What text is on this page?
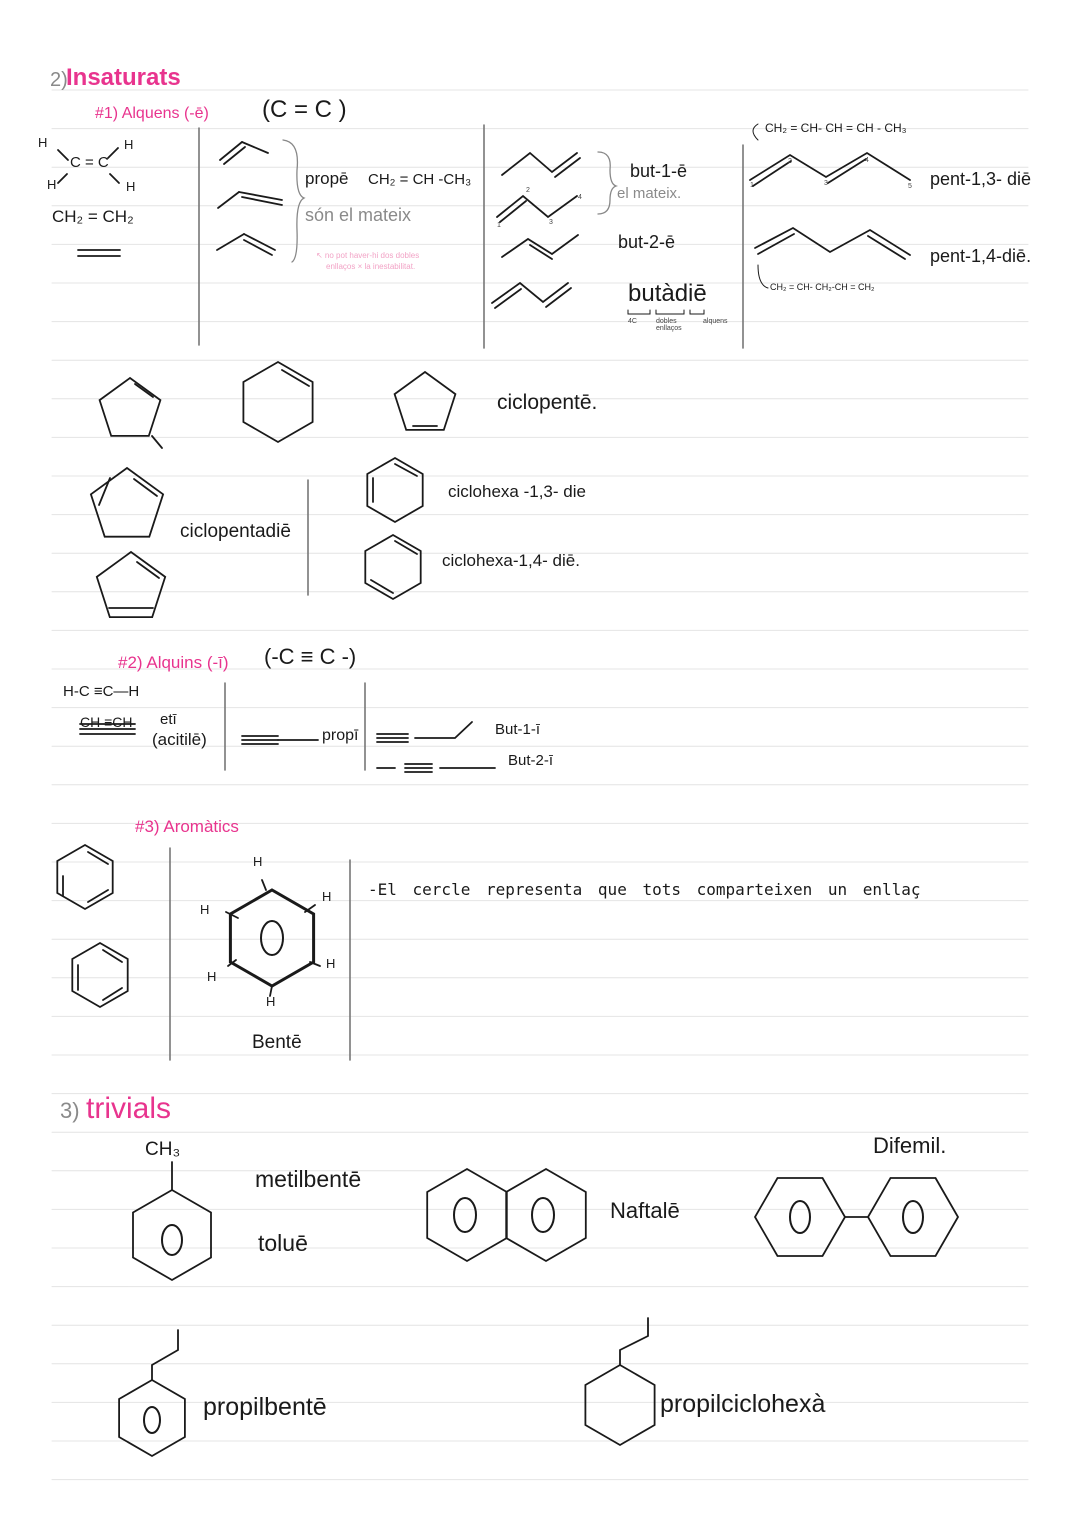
2)
Insaturats
#1) Alquens (-ē) (C = C )
H	H
H	H
C = C
CH₂ = CH₂
propē CH₂ = CH -CH₃
són el mateix
↖ no pot haver-hi dos dobles
enllaços × la inestabilitat.
but-1-ē
el mateix.
but-2-ē
butàdiē
4C	dobles enllaços
alquens
1
2
3
4
CH₂ = CH- CH = CH - CH₃
pent-1,3- diē
pent-1,4-diē.
CH₂ = CH- CH₂-CH = CH₂
1
2
3
4
5
ciclopentē.
ciclopentadiē
ciclohexa -1,3- die
ciclohexa-1,4- diē.
#2) Alquins (-ī) (-C ≡ C -)
H-C ≡C—H
CH ≡CH etī
(acitilē)	propī	But-1-ī
But-2-ī
#3) Aromàtics
H
H
H
H
H
H
Bentē
-El cercle representa que tots comparteixen un enllaç
3) trivials
CH₃
metilbentē
toluē
Naftalē
Difemil.
propilbentē	propilciclohexà
